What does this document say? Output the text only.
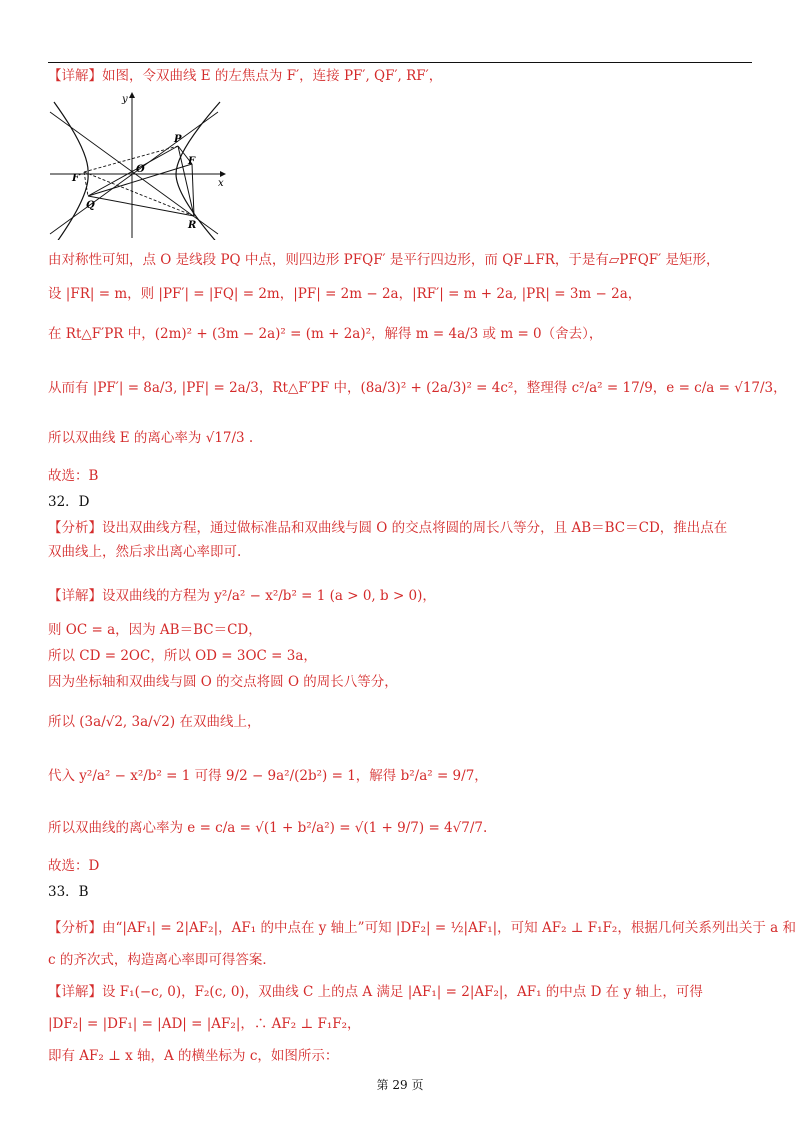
【详解】如图，令双曲线 E 的左焦点为 F′，连接 PF′, QF′, RF′，
y
x
P
F
F′
O
Q
R
由对称性可知，点 O 是线段 PQ 中点，则四边形 PFQF′ 是平行四边形，而 QF⊥FR，于是有▱PFQF′ 是矩形，
设 |FR| = m，则 |PF′| = |FQ| = 2m，|PF| = 2m − 2a，|RF′| = m + 2a, |PR| = 3m − 2a，
在 Rt△F′PR 中，(2m)² + (3m − 2a)² = (m + 2a)²，解得 m = 4a/3 或 m = 0（舍去），
从而有 |PF′| = 8a/3, |PF| = 2a/3，Rt△F′PF 中，(8a/3)² + (2a/3)² = 4c²，整理得 c²/a² = 17/9，e = c/a = √17/3，
所以双曲线 E 的离心率为 √17/3 .
故选：B
32．D
【分析】设出双曲线方程，通过做标准品和双曲线与圆 O 的交点将圆的周长八等分，且 AB＝BC＝CD，推出点在
双曲线上，然后求出离心率即可.
【详解】设双曲线的方程为 y²/a² − x²/b² = 1 (a > 0, b > 0)，
则 OC = a，因为 AB＝BC＝CD，
所以 CD = 2OC，所以 OD = 3OC = 3a，
因为坐标轴和双曲线与圆 O 的交点将圆 O 的周长八等分，
所以 (3a/√2, 3a/√2) 在双曲线上，
代入 y²/a² − x²/b² = 1 可得 9/2 − 9a²/(2b²) = 1，解得 b²/a² = 9/7，
所以双曲线的离心率为 e = c/a = √(1 + b²/a²) = √(1 + 9/7) = 4√7/7.
故选：D
33．B
【分析】由“|AF₁| = 2|AF₂|，AF₁ 的中点在 y 轴上”可知 |DF₂| = ½|AF₁|，可知 AF₂ ⊥ F₁F₂，根据几何关系列出关于 a 和
c 的齐次式，构造离心率即可得答案．
【详解】设 F₁(−c, 0)，F₂(c, 0)，双曲线 C 上的点 A 满足 |AF₁| = 2|AF₂|，AF₁ 的中点 D 在 y 轴上，可得
|DF₂| = |DF₁| = |AD| = |AF₂|，∴ AF₂ ⊥ F₁F₂，
即有 AF₂ ⊥ x 轴，A 的横坐标为 c，如图所示：
第 29 页
